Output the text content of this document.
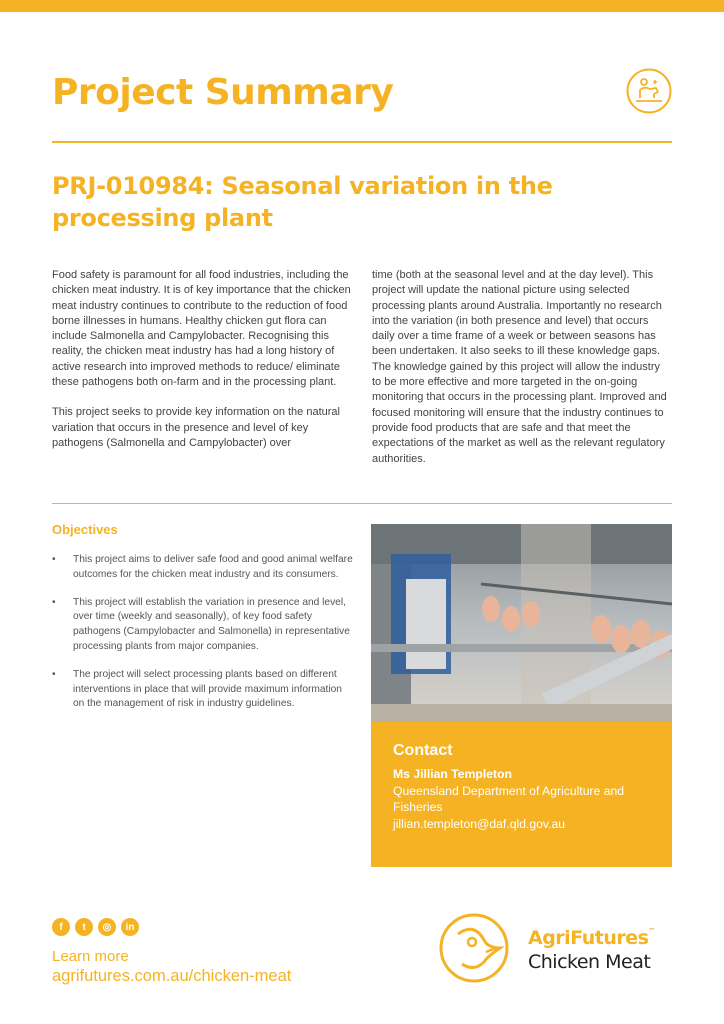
Project Summary
PRJ-010984: Seasonal variation in the processing plant

Food safety is paramount for all food industries, including the chicken meat industry. It is of key importance that the chicken meat industry continues to contribute to the reduction of food borne illnesses in humans. Healthy chicken gut flora can include Salmonella and Campylobacter. Recognising this reality, the chicken meat industry has had a long history of active research into improved methods to reduce/ eliminate these pathogens both on-farm and in the processing plant.

This project seeks to provide key information on the natural variation that occurs in the presence and level of key pathogens (Salmonella and Campylobacter) over

time (both at the seasonal level and at the day level). This project will update the national picture using selected processing plants around Australia. Importantly no research into the variation (in both presence and level) that occurs daily over a time frame of a week or between seasons has been undertaken. It also seeks to ill these knowledge gaps. The knowledge gained by this project will allow the industry to be more effective and more targeted in the on-going monitoring that occurs in the processing plant. Improved and focused monitoring will ensure that the industry continues to provide food products that are safe and that meet the expectations of the market as well as the relevant regulatory authorities.

Objectives
• This project aims to deliver safe food and good animal welfare outcomes for the chicken meat industry and its consumers.
• This project will establish the variation in presence and level, over time (weekly and seasonally), of key food safety pathogens (Campylobacter and Salmonella) in representative processing plants from major companies.
• The project will select processing plants based on different interventions in place that will provide maximum information on the management of risk in industry guidelines.
Contact
Ms Jillian Templeton
Queensland Department of Agriculture and Fisheries
jillian.templeton@daf.qld.gov.au
f	t	◎	in
Learn more
agrifutures.com.au/chicken-meat
AgriFutures™
Chicken Meat
